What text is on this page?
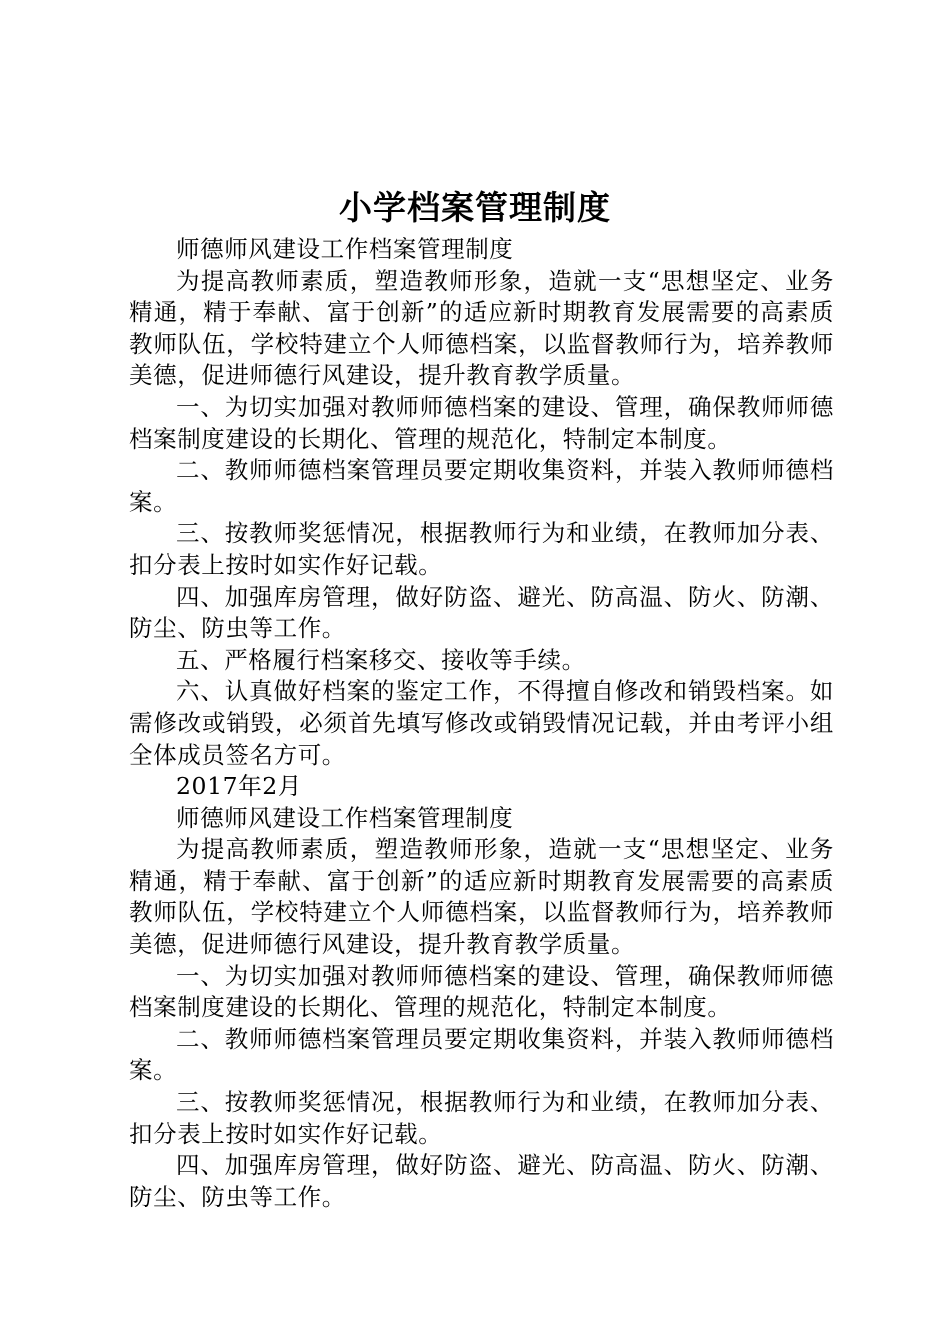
小学档案管理制度

师德师风建设工作档案管理制度

为提高教师素质，塑造教师形象，造就一支“思想坚定、业务精通，精于奉献、富于创新”的适应新时期教育发展需要的高素质教师队伍，学校特建立个人师德档案，以监督教师行为，培养教师美德，促进师德行风建设，提升教育教学质量。

一、为切实加强对教师师德档案的建设、管理，确保教师师德档案制度建设的长期化、管理的规范化，特制定本制度。

二、教师师德档案管理员要定期收集资料，并装入教师师德档案。

三、按教师奖惩情况，根据教师行为和业绩，在教师加分表、扣分表上按时如实作好记载。

四、加强库房管理，做好防盗、避光、防高温、防火、防潮、防尘、防虫等工作。

五、严格履行档案移交、接收等手续。

六、认真做好档案的鉴定工作，不得擅自修改和销毁档案。如需修改或销毁，必须首先填写修改或销毁情况记载，并由考评小组全体成员签名方可。

2017年2月

师德师风建设工作档案管理制度

为提高教师素质，塑造教师形象，造就一支“思想坚定、业务精通，精于奉献、富于创新”的适应新时期教育发展需要的高素质教师队伍，学校特建立个人师德档案，以监督教师行为，培养教师美德，促进师德行风建设，提升教育教学质量。

一、为切实加强对教师师德档案的建设、管理，确保教师师德档案制度建设的长期化、管理的规范化，特制定本制度。

二、教师师德档案管理员要定期收集资料，并装入教师师德档案。

三、按教师奖惩情况，根据教师行为和业绩，在教师加分表、扣分表上按时如实作好记载。

四、加强库房管理，做好防盗、避光、防高温、防火、防潮、防尘、防虫等工作。
